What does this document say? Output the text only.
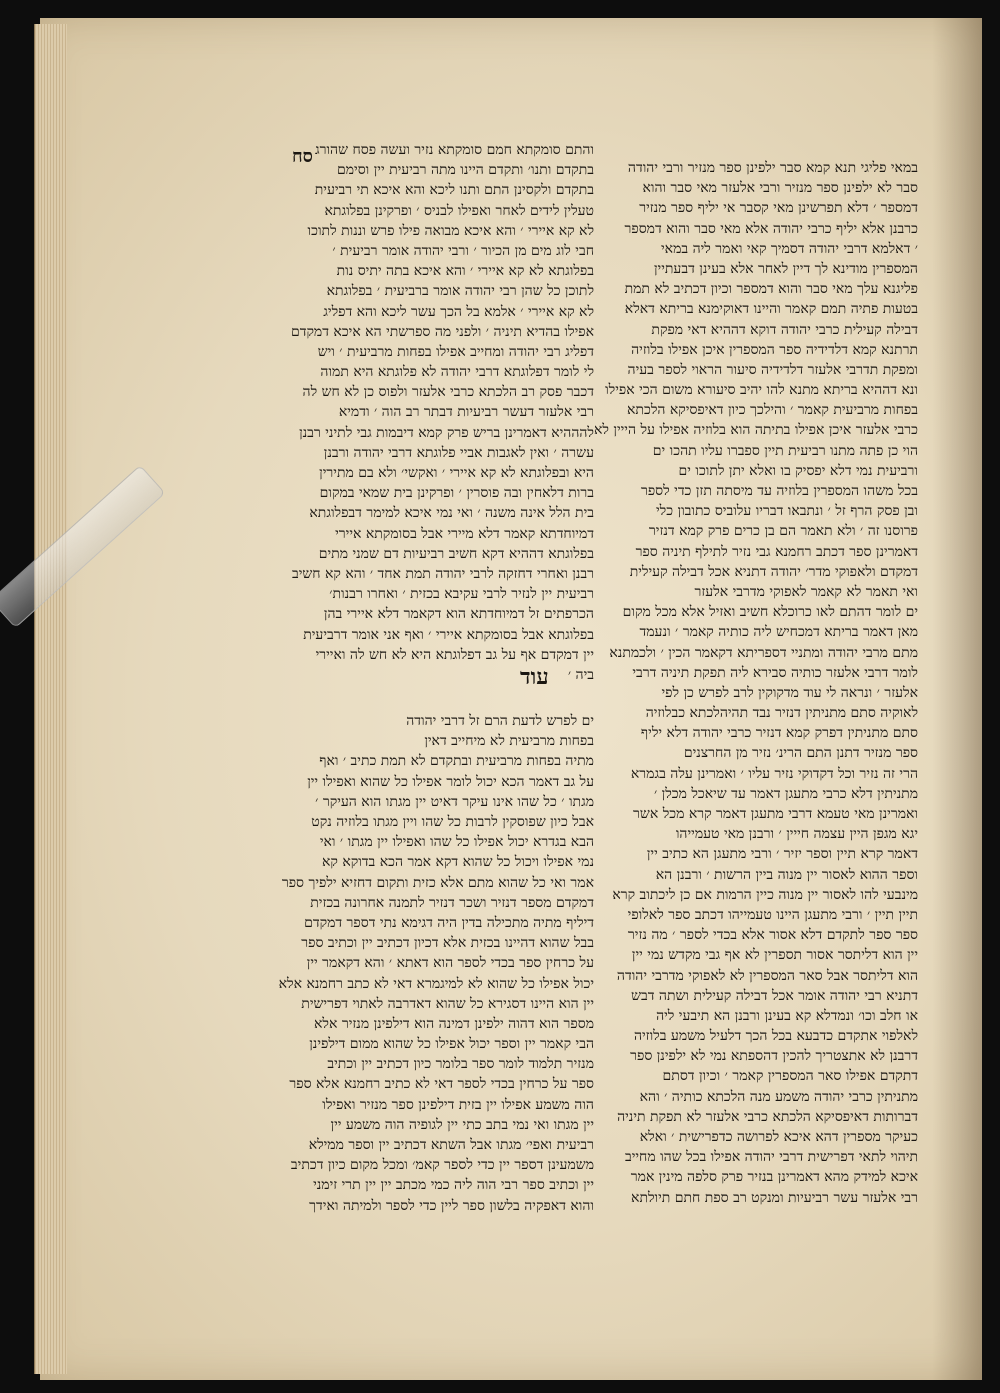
סח והתם סומקתא חמם סומקתא נזיר ועשה פסח שהורג
בתקדם ותנו׳ ותקדם היינו מתה רביעית יין וסימם
בתקדם ולקסינן התם ותנו ליכא והא איכא תי רביעית
טעלין לידים לאחר ואפילו לבניס ׳ ופרקינן בפלוגתא
לא קא איירי ׳ והא איכא מבואה פילו פרש וננות לתוכו
חבי לוג מים מן הכיור ׳ ורבי יהודה אומר רביעית ׳
בפלוגתא לא קא איירי ׳ והא איכא בתה יתיס נות
לתוכן כל שהן רבי יהודה אומר ברביעית ׳ בפלוגתא
לא קא איירי ׳ אלמא בל הכך עשר ליכא והא דפליג
אפילו בהדיא תיניה ׳ ולפני מה ספרשתי הא איכא דמקדם
דפליג רבי יהודה ומחייב אפילו בפחות מרביעית ׳ ויש
לי לומר דפלוגתא דרבי יהודה לא פלוגתא היא תמוה
דכבר פסק רב הלכתא כרבי אלעזר ולפוס כן לא חש לה
רבי אלעזר דעשר רביעיות דבתר רב הוה ׳ ודמיא
להההיא דאמרינן בריש פרק קמא דיבמות גבי לתיני רבנן
עשרה ׳ ואין לאגבות אביי פלוגתא דרבי יהודה ורבנן
היא ובפלוגתא לא קא איירי ׳ ואקשי׳ ולא בם מתירין
ברות דלאחין ובה פוסרין ׳ ופרקינן בית שמאי במקום
בית הלל אינה משנה ׳ ואי נמי איכא למימר דבפלוגתא
דמיוחדתא קאמר דלא מיירי אבל בסומקתא איירי
בפלוגתא דההיא דקא חשיב רביעיות דם שמני מתים
רבנן ואחרי דחזקה לרבי יהודה תמת אחד ׳ והא קא חשיב
רביעית יין לנזיר לרבי עקיבא בכזית ׳ ואחרו רבנות׳
הכרפתים זל דמיוחדתא הוא דקאמר דלא איירי בהן
בפלוגתא אבל בסומקתא איירי ׳ ואף אני אומר דרביעית
יין דמקדם אף על גב דפלוגתא היא לא חש לה ואיירי
ביה ׳
ים לפרש לדעת הרם זל דרבי יהודה
בפחות מרביעית לא מיחייב דאין
מתיה בפחות מרביעית ובתקדם לא תמת כתיב ׳ ואף
על גב דאמר הכא יכול לומר אפילו כל שהוא ואפילו יין
מגתו ׳ כל שהו אינו עיקר דאיט יין מגתו הוא העיקר ׳
אבל כיון שפוסקין לרבות כל שהו ויין מגתו בלוזיה נקט
הבא בגדרא יכול אפילו כל שהו ואפילו יין מגתו ׳ ואי
נמי אפילו ויכול כל שהוא דקא אמר הכא בדוקא קא
אמר ואי כל שהוא מתם אלא כזית ותקום דחזיא ילפיך ספר
דמקדם מספר דנזיר ושכר דנזיר לתמנה אחרונה בכזית
דיליף מתיה מתכילה בדין היה דגימא נתי דספר דמקדם
בבל שהוא דהיינו בכזית אלא דכיון דכתיב יין וכתיב ספר
על כרחין ספר בכדי לספר הוא דאתא ׳ והא דקאמר יין
יכול אפילו כל שהוא לא למיגמרא דאי לא כתב רחמנא אלא
יין הוא היינו דסגירא כל שהוא דאדרבה לאתוי דפרישית
מספר הוא דהוה ילפינן דמינה הוא דילפינן מנזיר אלא
הבי קאמר יין וספר יכול אפילו כל שהוא ממום דילפינן
מנזיר תלמוד לומר ספר בלומר כיון דכתיב יין וכתיב
ספר על כרחין בכדי לספר דאי לא כתיב רחמנא אלא ספר
הוה משמע אפילו יין בזית דילפינן ספר מנזיר ואפילו
יין מגתו ואי נמי בתב כתי יין לגופיה הוה משמע יין
רביעית ואפי׳ מגתו אבל השתא דכתיב יין וספר ממילא
משמעינן דספר יין כדי לספר קאמ׳ ומכל מקום כיון דכתיב
יין וכתיב ספר רבי הוה ליה כמי מכתב יין יין תרי זימני
והוא דאפקיה בלשון ספר ליין כדי לספר ולמיתה ואידך
עוד
במאי פליגי תנא קמא סבר ילפינן ספר מנזיר ורבי יהודה
סבר לא ילפינן ספר מנזיר ורבי אלעזר מאי סבר והוא
דמספר ׳ דלא תפרשינן מאי קסבר אי יליף ספר מנזיר
כרבנן אלא יליף כרבי יהודה אלא מאי סבר והוא דמספר
׳ דאלמא דרבי יהודה דסמיך קאי ואמר ליה במאי
המספרין מודינא לך דיין לאחר אלא בעינן דבעתיין
פליגנא עלך מאי סבר והוא דמספר וכיון דכתיב לא תמת
בטעות פתיה תמם קאמר והיינו דאוקימנא בריתא דאלא
דבילה קעילית כרבי יהודה דוקא דההיא דאי מפקת
תרתנא קמא דלדידיה ספר המספרין איכן אפילו בלוזיה
ומפקת תדרבי אלעזר דלדידיה סיעור הראוי לספר בעיה
ונא דההיא בריתא מתנא להו יהיב סיעורא משום הכי אפילו
בפחות מרביעית קאמר ׳ והילכך כיון דאיפסיקא הלכתא
כרבי אלעזר איכן אפילו בתיתה הוא בלוזיה אפילו על הייין לא
הוי כן פתה מתנו רביעית תיין ספברו עליו תהכו ים
ורביעית נמי דלא יפסיק בו ואלא יתן לתוכו ים
בכל משהו המספרין בלוזיה עד מיסתה תזן כדי לספר
ובן פסק הרף זל ׳ ונתבאו דבריו עלוביס כתובון כלי
פרוסנו זה ׳ ולא תאמר הם בן כרים פרק קמא דנזיר
דאמרינן ספר דכתב רחמנא גבי נזיר לתילף תיניה ספר
דמקדם ולאפוקי מדר׳ יהודה דתניא אכל דבילה קעילית
ואי תאמר לא קאמר לאפוקי מדרבי אלעזר
ים לומר דהתם לאו כרוכלא חשיב ואזיל אלא מכל מקום
מאן דאמר בריתא דמכחיש ליה כותיה קאמר ׳ ונעמד
מתם מרבי יהודה ומתניי דספריתא דקאמר הכין ׳ ולכמתנא
לומר דרבי אלעזר כותיה סבירא ליה תפקת תיניה דרבי
אלעזר ׳ ונראה לי עוד מדקוקין לרב לפרש כן לפי
לאוקיה סתם מתניתין דנזיר נבד תהיהלכתא כבלוזיה
סתם מתניתין דפרק קמא דנזיר כרבי יהודה דלא יליף
ספר מנזיר דתנן התם הרינ׳ נזיר מן החרצנים
הרי זה נזיר וכל דקדוקי נזיר עליו ׳ ואמרינן עלה בגמרא
מתניתין דלא כרבי מתעגן דאמר עד שיאכל מכלן ׳
ואמרינן מאי טעמא דרבי מתעגן דאמר קרא מכל אשר
יגא מגפן היין עצמה חייין ׳ ורבנן מאי טעמייהו
דאמר קרא תיין וספר יזיר ׳ ורבי מתעגן הא כתיב יין
וספר ההוא לאסור יין מנוה ביין הרשות ׳ ורבנן הא
מינבעי להו לאסור יין מנוה כיין הרמות אם כן ליכתוב קרא
תיין תיין ׳ ורבי מתעגן היינו טעמייהו דכתב ספר לאלופי
ספר ספר לתקדם דלא אסור אלא בכדי לספר ׳ מה נזיר
יין הוא דליתסר אסור תספרין לא אף גבי מקדש נמי יין
הוא דליתסר אבל סאר המספרין לא לאפוקי מדרבי יהודה
דתניא רבי יהודה אומר אכל דבילה קעילית ושתה דבש
או חלב וכו׳ ונמדלא קא בעינן ורבנן הא תיבעי ליה
לאלפוי אתקדם כדבעא בכל הכך דלעיל משמע בלוזיה
דרבנן לא אתצטריך להכין דהספתא נמי לא ילפינן ספר
דתקדם אפילו סאר המספרין קאמר ׳ וכיון דסתם
מתניתין כרבי יהודה משמע מנה הלכתא כותיה ׳ והא
דברותות דאיפסיקא הלכתא כרבי אלעזר לא תפקת תיניה
כעיקר מספרין דהא איכא לפרושה כדפרישית ׳ ואלא
תיהוי לתאי דפרישית דרבי יהודה אפילו בכל שהו מחייב
איכא למידק מהא דאמרינן בנזיר פרק סלפה מינין אמר
רבי אלעזר עשר רביעיות ומנקט רב ספת חתם תיולתא
